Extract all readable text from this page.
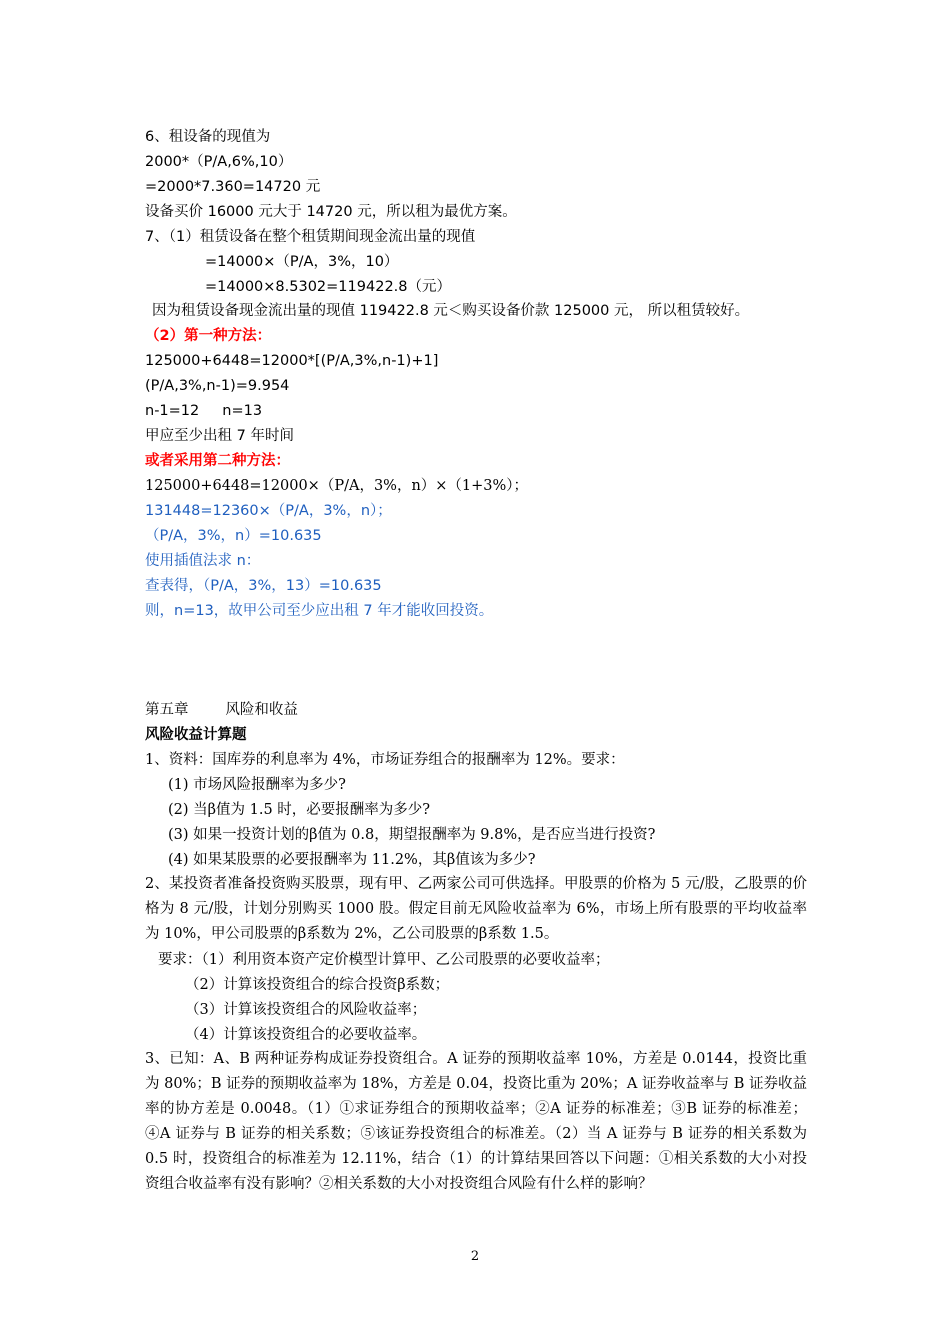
6、租设备的现值为
2000*（P/A,6%,10）
=2000*7.360=14720 元
设备买价 16000 元大于 14720 元，所以租为最优方案。
7、（1）租赁设备在整个租赁期间现金流出量的现值
=14000×（P/A，3%，10）
=14000×8.5302=119422.8（元）
因为租赁设备现金流出量的现值 119422.8 元＜购买设备价款 125000 元， 所以租赁较好。
（2）第一种方法：
125000+6448=12000*[(P/A,3%,n-1)+1]
(P/A,3%,n-1)=9.954
n-1=12     n=13
甲应至少出租 7 年时间
或者采用第二种方法：
125000+6448=12000×（P/A，3%，n）×（1+3%）；
131448=12360×（P/A，3%，n）；
（P/A，3%，n）=10.635
使用插值法求 n：
查表得，（P/A，3%，13）=10.635
则，n=13，故甲公司至少应出租 7 年才能收回投资。
第五章        风险和收益
风险收益计算题
1、资料：国库券的利息率为 4%，市场证券组合的报酬率为 12%。要求：
(1) 市场风险报酬率为多少?
(2) 当β值为 1.5 时，必要报酬率为多少?
(3) 如果一投资计划的β值为 0.8，期望报酬率为 9.8%，是否应当进行投资?
(4) 如果某股票的必要报酬率为 11.2%，其β值该为多少?
2、某投资者准备投资购买股票，现有甲、乙两家公司可供选择。甲股票的价格为 5 元/股，乙股票的价格为 8 元/股，计划分别购买 1000 股。假定目前无风险收益率为 6%，市场上所有股票的平均收益率为 10%，甲公司股票的β系数为 2%，乙公司股票的β系数 1.5。
要求：（1）利用资本资产定价模型计算甲、乙公司股票的必要收益率；
（2）计算该投资组合的综合投资β系数；
（3）计算该投资组合的风险收益率；
（4）计算该投资组合的必要收益率。
3、已知：A、B 两种证券构成证券投资组合。A 证券的预期收益率 10%，方差是 0.0144，投资比重为 80%；B 证券的预期收益率为 18%，方差是 0.04，投资比重为 20%；A 证券收益率与 B 证券收益率的协方差是 0.0048。（1）①求证券组合的预期收益率；②A 证券的标准差；③B 证券的标准差；④A 证券与 B 证券的相关系数；⑤该证券投资组合的标准差。（2）当 A 证券与 B 证券的相关系数为 0.5 时，投资组合的标准差为 12.11%，结合（1）的计算结果回答以下问题：①相关系数的大小对投资组合收益率有没有影响？②相关系数的大小对投资组合风险有什么样的影响？
2
